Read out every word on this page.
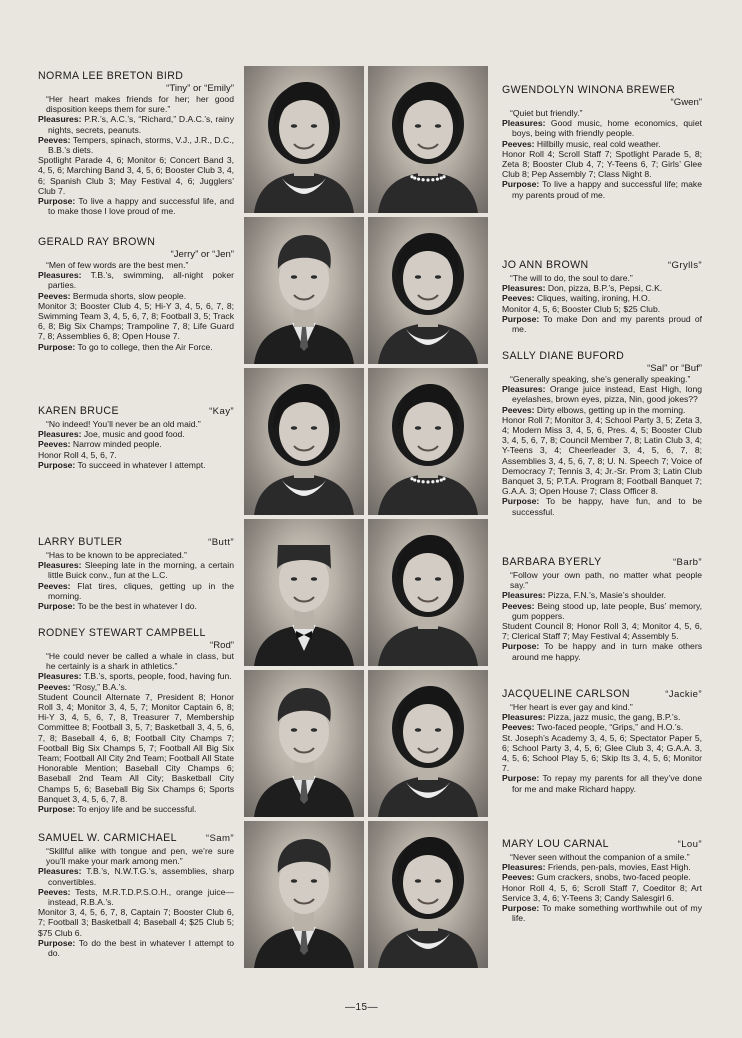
NORMA LEE BRETON BIRD
“Tiny” or “Emily”
“Her heart makes friends for her; her good disposition keeps them for sure.”
Pleasures: P.R.’s, A.C.’s, “Richard,” D.A.C.’s, rainy nights, secrets, peanuts.
Peeves: Tempers, spinach, storms, V.J., J.R., D.C., B.B.’s diets.
Spotlight Parade 4, 6; Monitor 6; Concert Band 3, 4, 5, 6; Marching Band 3, 4, 5, 6; Booster Club 3, 4, 6; Spanish Club 3; May Festival 4, 6; Jugglers’ Club 7.
Purpose: To live a happy and successful life, and to make those I love proud of me.
GERALD RAY BROWN
“Jerry” or “Jen”
“Men of few words are the best men.”
Pleasures: T.B.’s, swimming, all-night poker parties.
Peeves: Bermuda shorts, slow people.
Monitor 3; Booster Club 4, 5; Hi-Y 3, 4, 5, 6, 7, 8; Swimming Team 3, 4, 5, 6, 7, 8; Football 3, 5; Track 6, 8; Big Six Champs; Trampoline 7, 8; Life Guard 7, 8; Assemblies 6, 8; Open House 7.
Purpose: To go to college, then the Air Force.
KAREN BRUCE	“Kay”
“No indeed! You’ll never be an old maid.”
Pleasures: Joe, music and good food.
Peeves: Narrow minded people.
Honor Roll 4, 5, 6, 7.
Purpose: To succeed in whatever I attempt.
LARRY BUTLER	“Butt”
“Has to be known to be appreciated.”
Pleasures: Sleeping late in the morning, a certain little Buick conv., fun at the L.C.
Peeves: Flat tires, cliques, getting up in the morning.
Purpose: To be the best in whatever I do.
RODNEY STEWART CAMPBELL
“Rod”
“He could never be called a whale in class, but he certainly is a shark in athletics.”
Pleasures: T.B.’s, sports, people, food, having fun.
Peeves: “Rosy,” B.A.’s.
Student Council Alternate 7, President 8; Honor Roll 3, 4; Monitor 3, 4, 5, 7; Monitor Captain 6, 8; Hi-Y 3, 4, 5, 6, 7, 8, Treasurer 7, Membership Committee 8; Football 3, 5, 7; Basketball 3, 4, 5, 6, 7, 8; Baseball 4, 6, 8; Football City Champs 7; Football Big Six Champs 5, 7; Football All Big Six Team; Football All City 2nd Team; Football All State Honorable Mention; Baseball City Champs 6; Baseball 2nd Team All City; Basketball City Champs 5, 6; Baseball Big Six Champs 6; Sports Banquet 3, 4, 5, 6, 7, 8.
Purpose: To enjoy life and be successful.
SAMUEL W. CARMICHAEL	“Sam”
“Skillful alike with tongue and pen, we’re sure you’ll make your mark among men.”
Pleasures: T.B.’s, N.W.T.G.’s, assemblies, sharp convertibles.
Peeves: Tests, M.R.T.D.P.S.O.H., orange juice—instead, R.B.A.’s.
Monitor 3, 4, 5, 6, 7, 8, Captain 7; Booster Club 6, 7; Football 3; Basketball 4; Baseball 4; $25 Club 5; $75 Club 6.
Purpose: To do the best in whatever I attempt to do.
GWENDOLYN WINONA BREWER
“Gwen”
“Quiet but friendly.”
Pleasures: Good music, home economics, quiet boys, being with friendly people.
Peeves: Hillbilly music, real cold weather.
Honor Roll 4; Scroll Staff 7; Spotlight Parade 5, 8; Zeta 8; Booster Club 4, 7; Y-Teens 6, 7; Girls’ Glee Club 8; Pep Assembly 7; Class Night 8.
Purpose: To live a happy and successful life; make my parents proud of me.
JO ANN BROWN	“Grylls”
“The will to do, the soul to dare.”
Pleasures: Don, pizza, B.P.’s, Pepsi, C.K.
Peeves: Cliques, waiting, ironing, H.O.
Monitor 4, 5, 6; Booster Club 5; $25 Club.
Purpose: To make Don and my parents proud of me.
SALLY DIANE BUFORD
“Sal” or “Buf”
“Generally speaking, she’s generally speaking.”
Pleasures: Orange juice instead, East High, long eyelashes, brown eyes, pizza, Nin, good jokes??
Peeves: Dirty elbows, getting up in the morning.
Honor Roll 7; Monitor 3, 4; School Party 3, 5; Zeta 3, 4; Modern Miss 3, 4, 5, 6, Pres. 4, 5; Booster Club 3, 4, 5, 6, 7, 8; Council Member 7, 8; Latin Club 3, 4; Y-Teens 3, 4; Cheerleader 3, 4, 5, 6, 7, 8; Assemblies 3, 4, 5, 6, 7, 8; U. N. Speech 7; Voice of Democracy 7; Tennis 3, 4; Jr.-Sr. Prom 3; Latin Club Banquet 3, 5; P.T.A. Program 8; Football Banquet 7; G.A.A. 3; Open House 7; Class Officer 8.
Purpose: To be happy, have fun, and to be successful.
BARBARA BYERLY	“Barb”
“Follow your own path, no matter what people say.”
Pleasures: Pizza, F.N.’s, Masie’s shoulder.
Peeves: Being stood up, late people, Bus’ memory, gum poppers.
Student Council 8; Honor Roll 3, 4; Monitor 4, 5, 6, 7; Clerical Staff 7; May Festival 4; Assembly 5.
Purpose: To be happy and in turn make others around me happy.
JACQUELINE CARLSON	“Jackie”
“Her heart is ever gay and kind.”
Pleasures: Pizza, jazz music, the gang, B.P.’s.
Peeves: Two-faced people, “Grips,” and H.O.’s.
St. Joseph’s Academy 3, 4, 5, 6; Spectator Paper 5, 6; School Party 3, 4, 5, 6; Glee Club 3, 4; G.A.A. 3, 4, 5, 6; School Play 5, 6; Skip Its 3, 4, 5, 6; Monitor 7.
Purpose: To repay my parents for all they’ve done for me and make Richard happy.
MARY LOU CARNAL	“Lou”
“Never seen without the companion of a smile.”
Pleasures: Friends, pen-pals, movies, East High.
Peeves: Gum crackers, snobs, two-faced people.
Honor Roll 4, 5, 6; Scroll Staff 7, Coeditor 8; Art Service 3, 4, 6; Y-Teens 3; Candy Salesgirl 6.
Purpose: To make something worthwhile out of my life.
—15—
